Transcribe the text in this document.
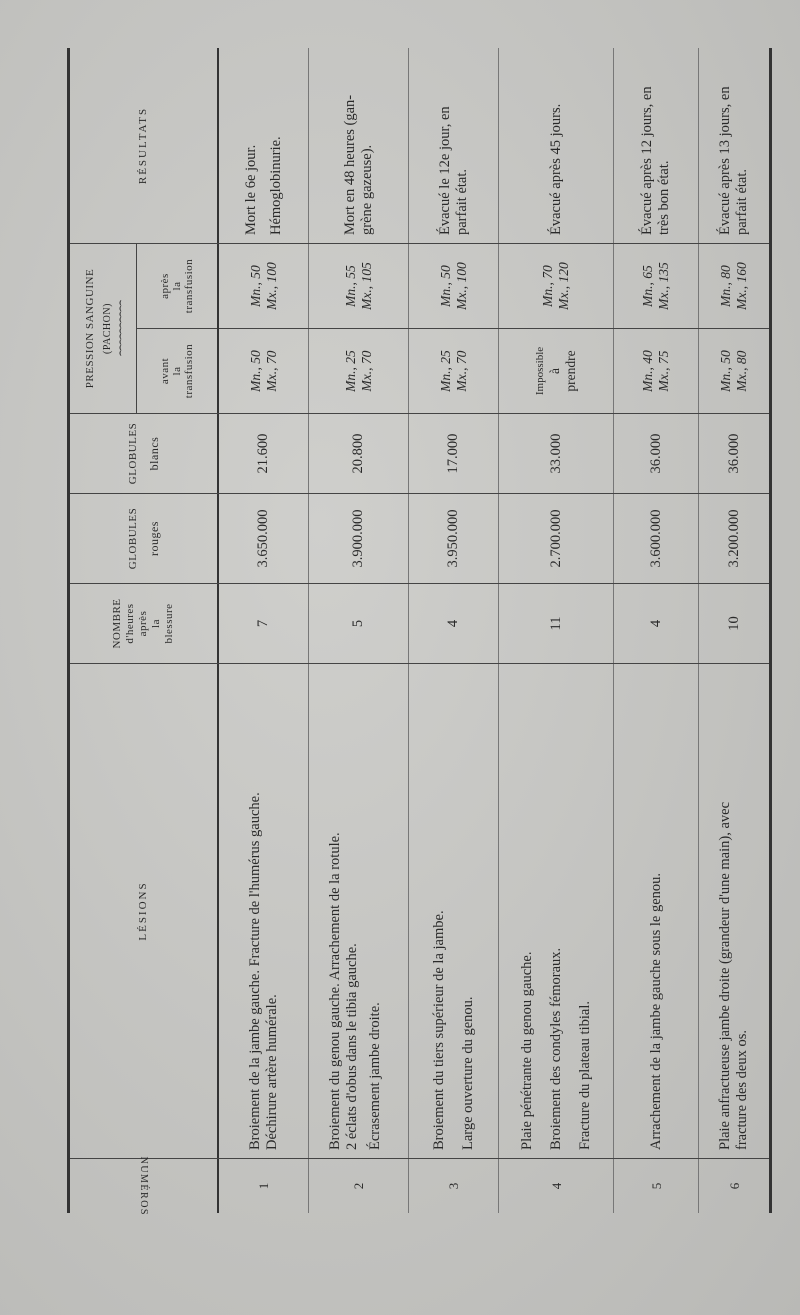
NUMÉROS	1	2	3	4	5	6
LÉSIONS	Broiement de la jambe gauche. Fracture de l'humérus gauche. Déchirure artère humérale.	Broiement du genou gauche. Arrachement de la rotule. 2 éclats d'obus dans le tibia gauche. Écrasement jambe droite.	Broiement du tiers supérieur de la jambe. Large ouverture du genou.	Plaie pénétrante du genou gauche. Broiement des condyles fémoraux. Fracture du plateau tibial.	Arrachement de la jambe gauche sous le genou.	Plaie anfractueuse jambe droite (grandeur d'une main), avec fracture des deux os.
NOMBRE d'heures après la blessure	7	5	4	11	4	10
GLOBULES rouges	3.650.000	3.900.000	3.950.000	2.700.000	3.600.000	3.200.000
GLOBULES blancs	21.600	20.800	17.000	33.000	36.000	36.000
PRESSION SANGUINE (PACHON) ⌢⌢⌢⌢⌢⌢⌢⌢⌢⌢
avant
la
transfusion
après
la
transfusion
Mn., 50 Mx., 70	Mn., 25 Mx., 70	Mn., 25 Mx., 70	Impossible à prendre	Mn., 40 Mx., 75	Mn., 50 Mx., 80
Mn., 50 Mx., 100	Mn., 55 Mx., 105	Mn., 50 Mx., 100	Mn., 70 Mx., 120	Mn., 65 Mx., 135	Mn., 80 Mx., 160
RÉSULTATS	Mort le 6e jour. Hémoglobinurie.	Mort en 48 heures (gan- grène gazeuse).	Évacué le 12e jour, en parfait état.	Évacué après 45 jours.	Évacué après 12 jours, en très bon état.	Évacué après 13 jours, en parfait état.
